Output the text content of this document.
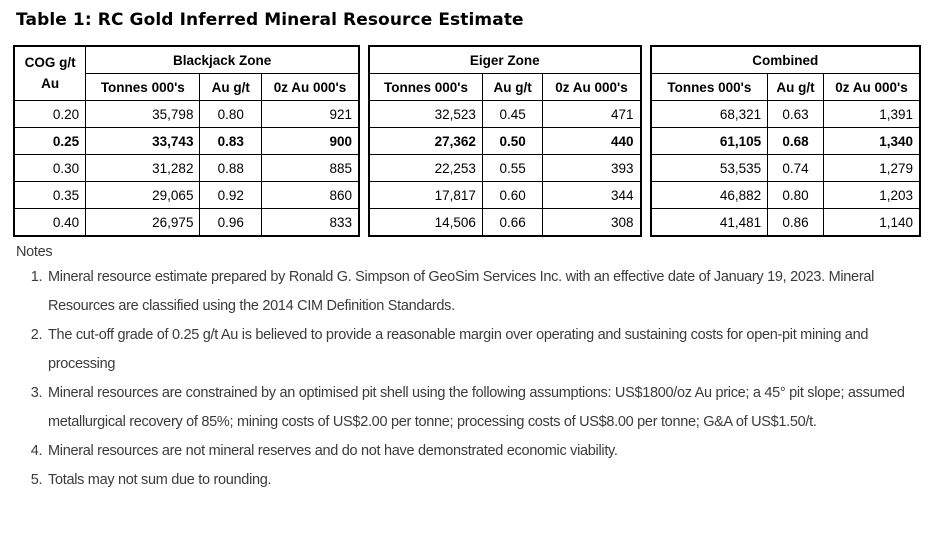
Table 1: RC Gold Inferred Mineral Resource Estimate
COG g/t
Au	Blackjack Zone		
	Tonnes 000's	Au g/t	0z Au 000's
0.20	35,798	0.80	921
0.25	33,743	0.83	900
0.30	31,282	0.88	885
0.35	29,065	0.92	860
0.40	26,975	0.96	833
Eiger Zone		
Tonnes 000's	Au g/t	0z Au 000's
32,523	0.45	471
27,362	0.50	440
22,253	0.55	393
17,817	0.60	344
14,506	0.66	308
Combined		
Tonnes 000's	Au g/t	0z Au 000's
68,321	0.63	1,391
61,105	0.68	1,340
53,535	0.74	1,279
46,882	0.80	1,203
41,481	0.86	1,140
Notes
1. Mineral resource estimate prepared by Ronald G. Simpson of GeoSim Services Inc. with an effective date of January 19, 2023. Mineral Resources are classified using the 2014 CIM Definition Standards.
2. The cut-off grade of 0.25 g/t Au is believed to provide a reasonable margin over operating and sustaining costs for open-pit mining and processing
3. Mineral resources are constrained by an optimised pit shell using the following assumptions: US$1800/oz Au price; a 45° pit slope; assumed metallurgical recovery of 85%; mining costs of US$2.00 per tonne; processing costs of US$8.00 per tonne; G&A of US$1.50/t.
4. Mineral resources are not mineral reserves and do not have demonstrated economic viability.
5. Totals may not sum due to rounding.
